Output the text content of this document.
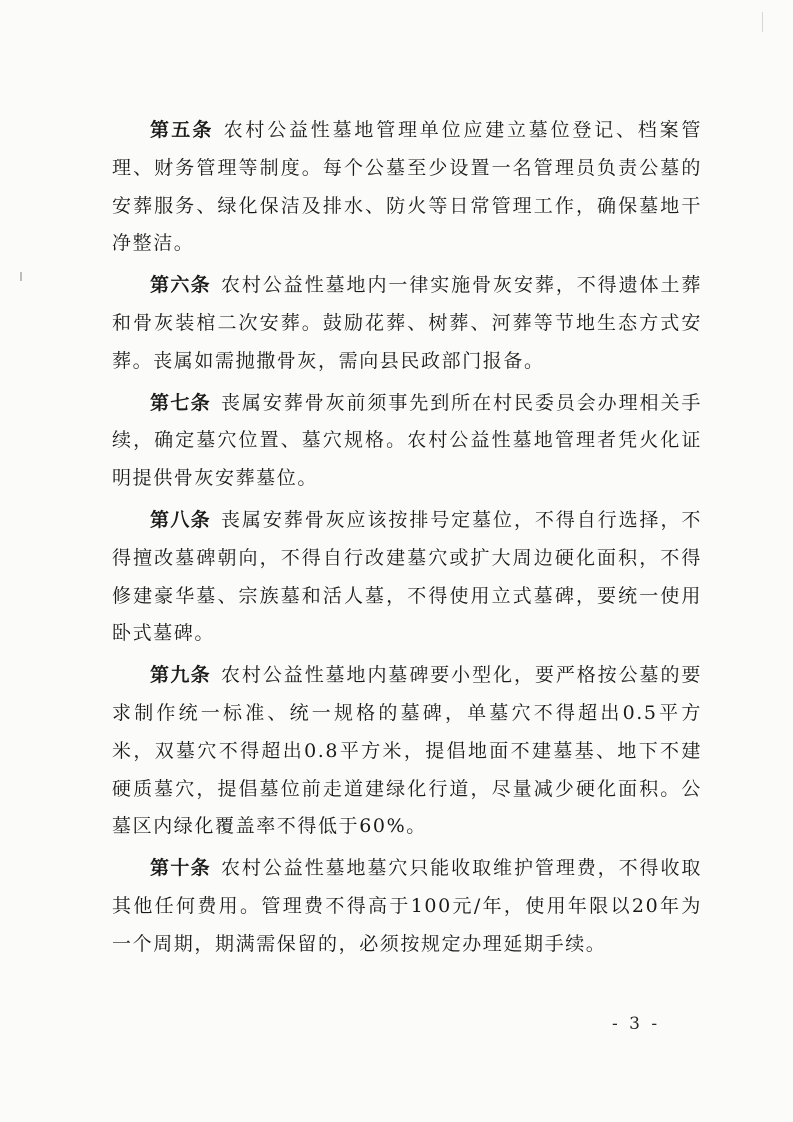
第五条 农村公益性墓地管理单位应建立墓位登记、档案管理、财务管理等制度。每个公墓至少设置一名管理员负责公墓的安葬服务、绿化保洁及排水、防火等日常管理工作，确保墓地干净整洁。

第六条 农村公益性墓地内一律实施骨灰安葬，不得遗体土葬和骨灰装棺二次安葬。鼓励花葬、树葬、河葬等节地生态方式安葬。丧属如需抛撒骨灰，需向县民政部门报备。

第七条 丧属安葬骨灰前须事先到所在村民委员会办理相关手续，确定墓穴位置、墓穴规格。农村公益性墓地管理者凭火化证明提供骨灰安葬墓位。

第八条 丧属安葬骨灰应该按排号定墓位，不得自行选择，不得擅改墓碑朝向，不得自行改建墓穴或扩大周边硬化面积，不得修建豪华墓、宗族墓和活人墓，不得使用立式墓碑，要统一使用卧式墓碑。

第九条 农村公益性墓地内墓碑要小型化，要严格按公墓的要求制作统一标准、统一规格的墓碑，单墓穴不得超出0.5平方米，双墓穴不得超出0.8平方米，提倡地面不建墓基、地下不建硬质墓穴，提倡墓位前走道建绿化行道，尽量减少硬化面积。公墓区内绿化覆盖率不得低于60%。

第十条 农村公益性墓地墓穴只能收取维护管理费，不得收取其他任何费用。管理费不得高于100元/年，使用年限以20年为一个周期，期满需保留的，必须按规定办理延期手续。

- 3 -
